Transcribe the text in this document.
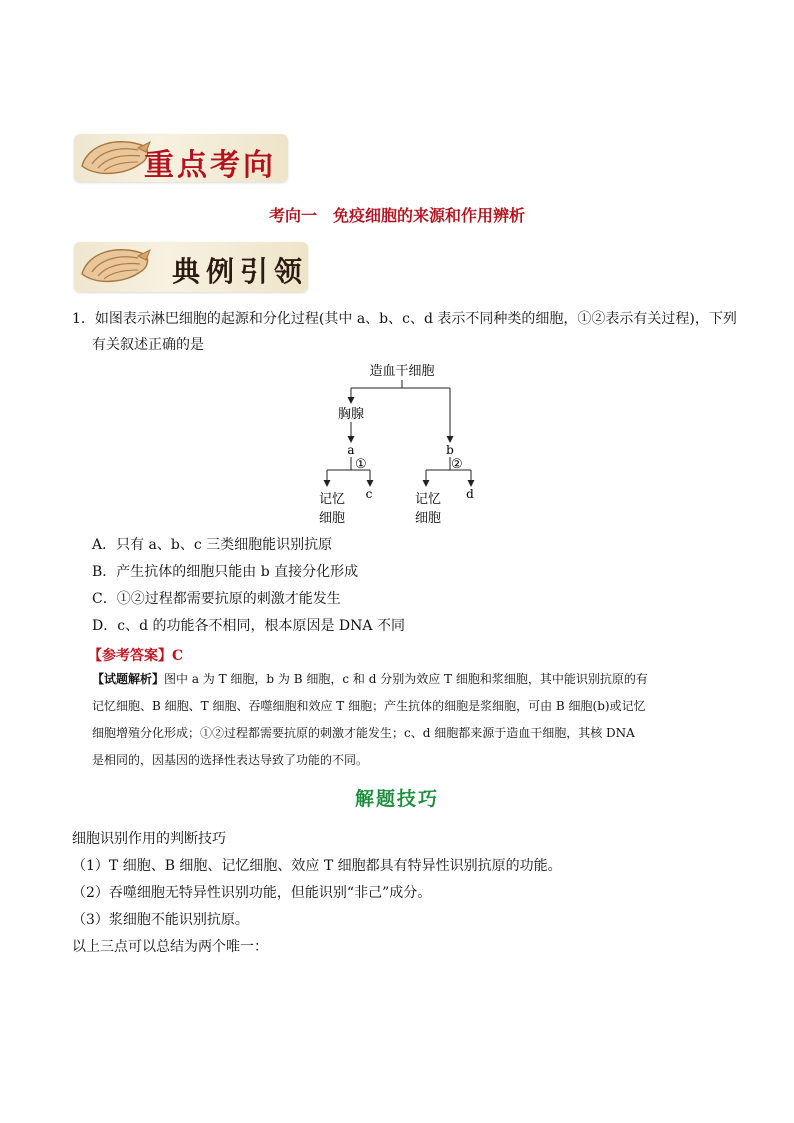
重点考向
考向一　免疫细胞的来源和作用辨析
典例引领
1．如图表示淋巴细胞的起源和分化过程(其中 a、b、c、d 表示不同种类的细胞，①②表示有关过程)，下列
有关叙述正确的是
造血干细胞
胸腺
a	b
①
记忆
细胞
c
②
记忆
细胞
d
A．只有 a、b、c 三类细胞能识别抗原
B．产生抗体的细胞只能由 b 直接分化形成
C．①②过程都需要抗原的刺激才能发生
D．c、d 的功能各不相同，根本原因是 DNA 不同
【参考答案】C
【试题解析】图中 a 为 T 细胞，b 为 B 细胞，c 和 d 分别为效应 T 细胞和浆细胞，其中能识别抗原的有
记忆细胞、B 细胞、T 细胞、吞噬细胞和效应 T 细胞；产生抗体的细胞是浆细胞，可由 B 细胞(b)或记忆
细胞增殖分化形成；①②过程都需要抗原的刺激才能发生；c、d 细胞都来源于造血干细胞，其核 DNA
是相同的，因基因的选择性表达导致了功能的不同。
解题技巧
细胞识别作用的判断技巧
（1）T 细胞、B 细胞、记忆细胞、效应 T 细胞都具有特异性识别抗原的功能。
（2）吞噬细胞无特异性识别功能，但能识别“非己”成分。
（3）浆细胞不能识别抗原。
以上三点可以总结为两个唯一：
